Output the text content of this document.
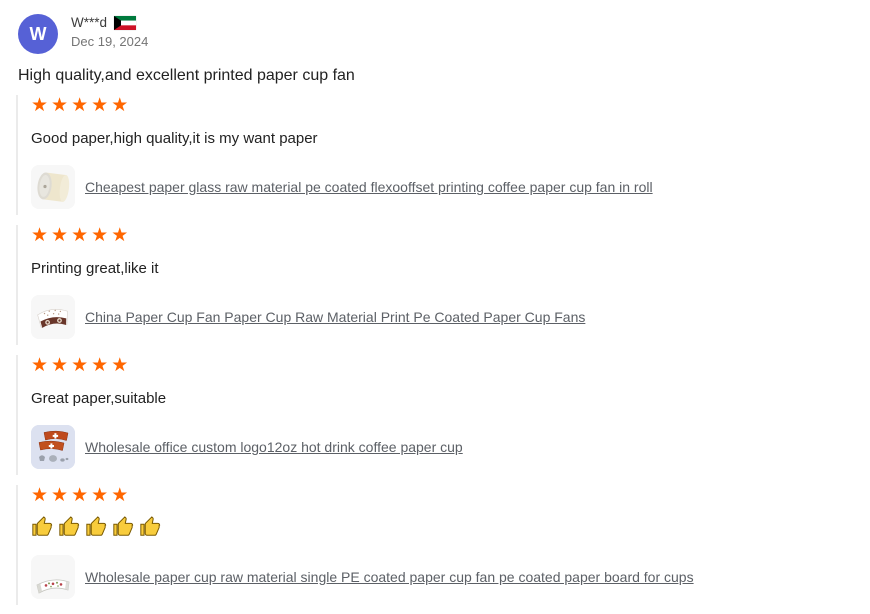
W
W***d
Dec 19, 2024
High quality,and excellent printed paper cup fan
★★★★★
Good paper,high quality,it is my want paper
Cheapest paper glass raw material pe coated flexooffset printing coffee paper cup fan in roll
★★★★★
Printing great,like it
China Paper Cup Fan Paper Cup Raw Material Print Pe Coated Paper Cup Fans
★★★★★
Great paper,suitable
Wholesale office custom logo12oz hot drink coffee paper cup
★★★★★
Wholesale paper cup raw material single PE coated paper cup fan pe coated paper board for cups
